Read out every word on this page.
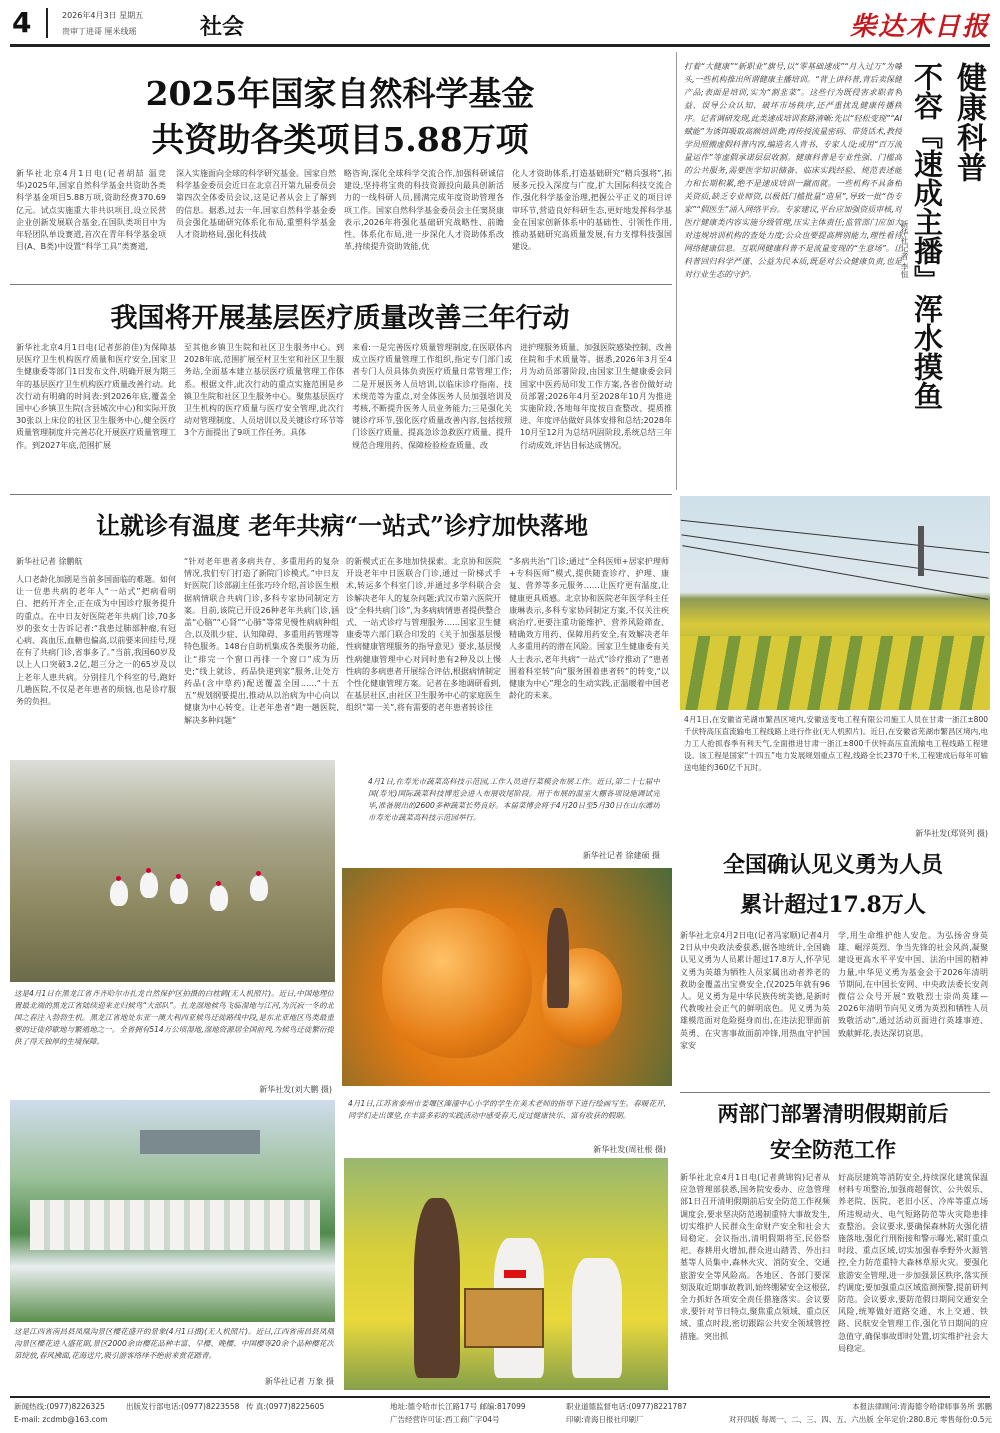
4	2026年4月3日 星期五
贵审丁进哥 厘米线瑶	社会	柴达木日报
2025年国家自然科学基金
共资助各类项目5.88万项
新华社北京4月1日电(记者胡喆 温竞华)2025年,国家自然科学基金共资助各类科学基金项目5.88万项,资助经费370.69亿元。试点实施重大非共识项目,设立民营企业创新发展联合基金,在国队类项目中为年轻团队单设赛道,首次在青年科学基金项目(A、B类)中设置“科学工具”类赛道,
深入实施面向全球的科学研究基金。国家自然科学基金委员会近日在北京召开第九届委员会第四次全体委员会议,这是记者从会上了解到的信息。据悉,过去一年,国家自然科学基金委员会强化基础研究体系化布局,重塑科学基金人才资助格局,强化科技战
略咨询,深化全球科学交流合作,加强科研诚信建设,坚持将宝贵的科技资源投向最具创新活力的一线科研人员,圆满完成年度资助管理各项工作。国家自然科学基金委员会主任窦贤康表示,2026年将强化基础研究战略性、前瞻性、体系化布局,进一步深化人才资助体系改革,持续提升资助效能,优
化人才资助体系,打造基础研究“精兵强将”,拓展多元投入深度与广度,扩大国际科技交流合作,强化科学基金治理,把握公平正义的项目评审环节,营造良好科研生态,更好地发挥科学基金在国家创新体系中的基础性、引领性作用,推动基础研究高质量发展,有力支撑科技强国建设。
我国将开展基层医疗质量改善三年行动
新华社北京4月1日电(记者彭韵佳)为保障基层医疗卫生机构医疗质量和医疗安全,国家卫生健康委等部门1日发布文件,明确开展为期三年的基层医疗卫生机构医疗质量改善行动。此次行动有明确的时间表:到2026年底,覆盖全国中心乡镇卫生院(含县城次中心)和实际开放30张以上床位的社区卫生服务中心,健全医疗质量管理制度并完善芯化开展医疗质量管理工作。到2027年底,范围扩展
至其他乡镇卫生院和社区卫生服务中心。到2028年底,范围扩展至村卫生室和社区卫生服务站,全面基本建立基层医疗质量管理工作体系。根据文件,此次行动的重点实施范围是乡镇卫生院和社区卫生服务中心。聚焦基层医疗卫生机构的医疗质量与医疗安全管理,此次行动对管理制度、人员培训以及关键诊疗环节等3个方面提出了9项工作任务。具体
来看:一是完善医疗质量管理制度,在医联体内成立医疗质量管理工作组织,指定专门部门或者专门人员具体负责医疗质量日常管理工作;二是开展医务人员培训,以临床诊疗指南、技术规范等为重点,对全体医务人员加强培训及考核,不断提升医务人员业务能力;三是强化关键诊疗环节,强化医疗质量改善内容,包括按照门诊医疗质量、提高急诊急救医疗质量、提升规范合理用药、保障检验检查质量、改
进护理服务质量、加强医院感染控制、改善住院和手术质量等。据悉,2026年3月至4月为动员部署阶段,由国家卫生健康委会同国家中医药局印发工作方案,各省份做好动员部署;2026年4月至2028年10月为推进实施阶段,各地每年度按自查整改、提质推进、年度评估做好具体安排和总结;2028年10月至12月为总结巩固阶段,系统总结三年行动成效,评估目标达成情况。
让就诊有温度 老年共病“一站式”诊疗加快落地
新华社记者 徐鹏航
人口老龄化加剧是当前多国面临的难题。如何让一位患共病的老年人“一站式”把病看明白、把药开齐全,正在成为中国诊疗服务提升的重点。在中日友好医院老年共病门诊,70多岁的张女士告诉记者:“我患过肺部肿瘤,有冠心病、高血压,血糖也偏高,以前要来回挂号,现在有了共病门诊,省事多了。”当前,我国60岁及以上人口突破3.2亿,超三分之一的65岁及以上老年人患共病。分别挂几个科室的号,跑好几趟医院,不仅是老年患者的烦恼,也是诊疗服务的负担。
“针对老年患者多病共存、多重用药的复杂情况,我们专门打造了新院门诊模式。”中日友好医院门诊部副主任张巧玲介绍,首诊医生根据病情联合共病门诊,多科专家协同制定方案。目前,该院已开设26种老年共病门诊,涵盖“心脑”“心肾”“心肺”等常见慢性病病种组合,以及肌少症、认知障碍、多重用药管理等特色服务。148台自助机集成各类服务功能,让“排完一个窗口再排一个窗口”成为历史;“线上就诊、药品快递到家”服务,让处方药品(含中草药)配送覆盖全国……“十五五”规划纲要提出,推动从以治病为中心向以健康为中心转变。让老年患者“跑一趟医院,解决多种问题”
的新模式正在多地加快探索。北京协和医院开设老年中日医联合门诊,通过一阶梯式手术,转运多个科室门诊,并通过多学科联合会诊解决老年人的复杂问题;武汉市第六医院开设“全科共病门诊”,为多病病情患者提供整合式、一站式诊疗与管理服务……国家卫生健康委等六部门联合印发的《关于加强基层慢性病健康管理服务的指导意见》要求,基层慢性病健康管理中心对同时患有2种及以上慢性病的多病患者开展综合评估,根据病情制定个性化健康管理方案。记者在多地调研看到,在基层社区,由社区卫生服务中心的家庭医生组织“第一关”,将有需要的老年患者转诊往
“多病共治”门诊;通过“全科医师+居家护理师+专科医师”模式,提供随查诊疗、护理、康复、营养等多元服务……让医疗更有温度,让健康更具质感。北京协和医院老年医学科主任康琳表示,多科专家协同制定方案,不仅关注疾病治疗,更要注重功能维护、营养风险筛查、精确效方用药、保障用药安全,有效解决老年人多重用药的潜在风险。国家卫生健康委有关人士表示,老年共病“一站式”诊疗推动了“患者围着科室转”向“服务围着患者转”的转变,“以健康为中心”理念的生动实践,正温暖着中国老龄化的未来。
打着“大健康”“新职业”旗号,以“零基础速成”“月入过万”为噱头,一些机构推出所谓健康主播培训。“背上讲科普,背后卖保健产品;表面是培训,实为“割韭菜”。这些行为既侵害求职者利益、误导公众认知、破坏市场秩序,还严重扰乱健康传播秩序。记者调研发现,此类速成培训套路清晰:先以“轻松变现”“AI赋能”为诱饵吸取高额培训费;再传授流量密码、带货话术,教授学员照搬虚假科普内容,编造名人背书、专家人设;或用“百万流量运作”等虚假承诺层层收割。健康科普是专业性强、门槛高的公共服务,需要医学知识储备、临床实践经验、规范表述能力和长期积累,绝不是速成培训一蹴而就。一些机构不具备相关资质,缺乏专业师资,以极低门槛批量“造星”,导致一批“伪专家”“假医生”涌入网络平台。专家建议,平台应加强资质审核,对医疗健康类内容实施分级管理,压实主体责任;监管部门应加大对违规培训机构的查处力度;公众也要提高辨别能力,理性看待网络健康信息。互联网健康科普不是流量变现的“生意场”。让科普回归科学严谨、公益为民本质,既是对公众健康负责,也是对行业生态的守护。
健康科普
不容『速成主播』浑水摸鱼
新华社记者 李恒
4月1日,在安徽省芜湖市繁昌区境内,安徽送变电工程有限公司施工人员在甘肃一浙江±800千伏特高压直流输电工程线路上进行作业(无人机照片)。近日,在安徽省芜湖市繁昌区境内,电力工人抢抓春季有利天气,全面推进甘肃一浙江±800千伏特高压直流输电工程线路工程建设。该工程是国家“十四五”电力发展规划重点工程,线路全长2370千米,工程建成后每年可输送电能约360亿千瓦时。
新华社发(郑贤列 摄)
这是4月1日在黑龙江省齐齐哈尔市扎龙自然保护区拍摄的白枕鹤(无人机照片)。近日,中国地理位置最北端的黑龙江省陆续迎来北归候鸟“大部队”。扎龙湿地候鸟飞临湿地与江河,为沉寂一冬的北国之春注入勃勃生机。黑龙江省地处东亚一澳大利西亚候鸟迁徙路线中段,是东北亚地区鸟类最重要的迁徙停歇地与繁殖地之一。全省拥有514万公顷湿地,湿地资源居全国前列,为候鸟迁徙繁衍提供了得天独厚的生境保障。
新华社发(刘大鹏 摄)
这是江西省南昌县凤凰沟景区樱花盛开的景象(4月1日摄)(无人机照片)。近日,江西省南昌县凤凰沟景区樱花进入盛花期,景区2000余亩樱花品种丰富、早樱、晚樱、中国樱等20余个品种樱花次第绽放,春风拂面,花海送片,吸引游客络绎不绝前来赏花踏青。
新华社记者 万象 摄
4月1日,在寿光市蔬菜高科技示范园,工作人员进行菜模会布展工作。近日,第二十七届中国(寿光)国际蔬菜科技博览会进入布展收尾阶段。用于布展的温室大棚各项设施调试完毕,准备展出的2600多种蔬菜长势良好。本届菜博会将于4月20日至5月30日在山东潍坊市寿光市蔬菜高科技示范园举行。
新华社记者 徐建硕 摄
4月1日,江苏省泰州市姜堰区溱潼中心小学的学生在美术老师的指导下进行绘画写生。春暖花开,同学们走出课堂,在丰富多彩的实践活动中感受春天,度过健康快乐、富有收获的假期。
新华社发(周社根 摄)
全国确认见义勇为人员
累计超过17.8万人
新华社北京4月2日电(记者冯家顺)记者4月2日从中央政法委获悉,据各地统计,全国确认见义勇为人员累计超过17.8万人,怀孕见义勇为英雄为牺牲人员家属出动者养老的救助金覆盖出宝费安全,仅2025年就有96人。见义勇为是中华民族传统美德,是新时代教唆社会正气的鲜明底色。见义勇为英雄模范面对危险挺身而出,在违法犯罪面前英勇、在灾害事故面前冲锋,用热血守护国家安
学,用生命维护他人安危。为弘扬舍身英雄、崛浮英烈、争当先锋的社会风尚,凝聚建设更高水平平安中国、法治中国的精神力量,中华见义勇为基金会于2026年清明节期间,在中国长安网、中央政法委长安剑微信公众号开展“致敬烈士崇尚英雄—2026年清明节向见义勇为英烈和牺牲人员致敬活动”,通过活动页面进行英雄事迹、致献鲜花,表达深切哀思。
两部门部署清明假期前后
安全防范工作
新华社北京4月1日电(记者黄锦钩)记者从应急管理部获悉,国务院安委办、应急管理部1日召开清明假期前后安全防范工作视频调度会,要求坚决防范遏制重特大事故发生,切实维护人民群众生命财产安全和社会大局稳定。会议指出,清明假期将至,民俗祭祀、春耕用火增加,群众进山踏青、外出扫墓等人员集中,森林火灾、消防安全、交通旅游安全等风险高。各地区、各部门要深刻汲取近期事故教训,始终绷紧安全这根弦,全力抓好各项安全责任措施落实。会议要求,要针对节日特点,聚焦重点领域、重点区域、重点时段,密切跟踪公共安全领域管控措施。突出抓
好高层建筑等消防安全,持续深化建筑保温材料专项整治,加强商超餐饮、公共娱乐、养老院、医院、老旧小区、冷库等重点场所违规动火、电气短路防范等火灾隐患排查整治。会议要求,要确保森林防火强化措施落地,强化行刑衔接和警示曝光,紧盯重点时段、重点区域,切实加强春季野外火源管控,全力防范重特大森林草原火灾。要强化旅游安全管理,进一步加强景区秩序,落实预约调度;要加强重点区域监测预警,提前研判防范。会议要求,要防范假日期间交通安全风险,统筹做好道路交通、水上交通、铁路、民航安全管理工作,强化节日期间的应急值守,确保事故即时处置,切实维护社会大局稳定。
新闻热线:(0977)8226325
E-mail: zcdmb@163.com
出版发行部电话:(0977)8223558 传 真:(0977)8225605	地址:德令哈市长江路17号 邮编:817099
广告经营许可证:西工商广字04号
职业道德监督电话:(0977)8221787
印刷:青海日报社印刷厂
本报法律顾问:青海德令哈律师事务所 郭鹏
对开四版 每周一、二、三、四、五、六出版 全年定价:280.8元 零售每份:0.5元
